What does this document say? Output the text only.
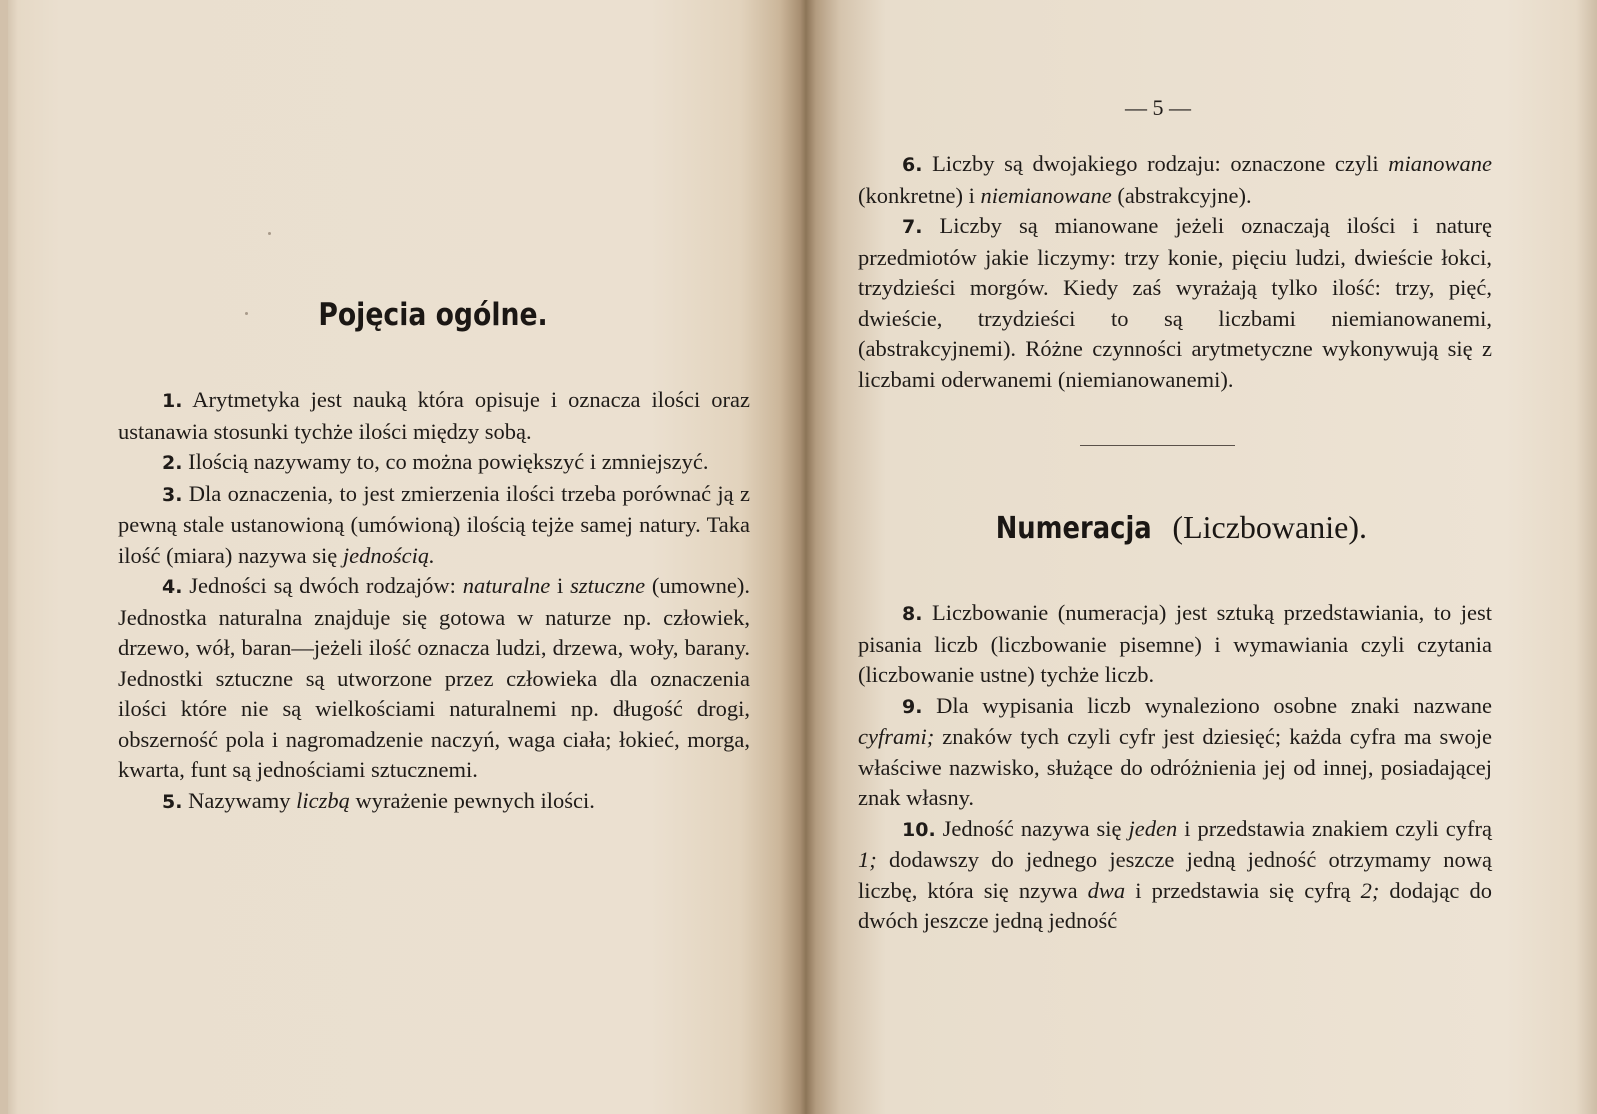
Pojęcia ogólne.

1. Arytmetyka jest nauką która opisuje i oznacza ilości oraz ustanawia stosunki tychże ilości między sobą.

2. Ilością nazywamy to, co można powiększyć i zmniejszyć.

3. Dla oznaczenia, to jest zmierzenia ilości trzeba porównać ją z pewną stale ustanowioną (umówioną) ilością tejże samej natury. Taka ilość (miara) nazywa się jednością.

4. Jedności są dwóch rodzajów: naturalne i sztuczne (umowne). Jednostka naturalna znajduje się gotowa w naturze np. człowiek, drzewo, wół, baran—jeżeli ilość oznacza ludzi, drzewa, woły, barany. Jednostki sztuczne są utworzone przez człowieka dla oznaczenia ilości które nie są wielkościami naturalnemi np. długość drogi, obszerność pola i nagromadzenie naczyń, waga ciała; łokieć, morga, kwarta, funt są jednościami sztucznemi.

5. Nazywamy liczbą wyrażenie pewnych ilości.

— 5 —

6. Liczby są dwojakiego rodzaju: oznaczone czyli mianowane (konkretne) i niemianowane (abstrakcyjne).

7. Liczby są mianowane jeżeli oznaczają ilości i naturę przedmiotów jakie liczymy: trzy konie, pięciu ludzi, dwieście łokci, trzydzieści morgów. Kiedy zaś wyrażają tylko ilość: trzy, pięć, dwieście, trzydzieści to są liczbami niemianowanemi, (abstrakcyjnemi). Różne czynności arytmetyczne wykonywują się z liczbami oderwanemi (niemianowanemi).

Numeracja (Liczbowanie).

8. Liczbowanie (numeracja) jest sztuką przedstawiania, to jest pisania liczb (liczbowanie pisemne) i wymawiania czyli czytania (liczbowanie ustne) tychże liczb.

9. Dla wypisania liczb wynaleziono osobne znaki nazwane cyframi; znaków tych czyli cyfr jest dziesięć; każda cyfra ma swoje właściwe nazwisko, służące do odróżnienia jej od innej, posiadającej znak własny.

10. Jedność nazywa się jeden i przedstawia znakiem czyli cyfrą 1; dodawszy do jednego jeszcze jedną jedność otrzymamy nową liczbę, która się nzywa dwa i przedstawia się cyfrą 2; dodając do dwóch jeszcze jedną jedność
